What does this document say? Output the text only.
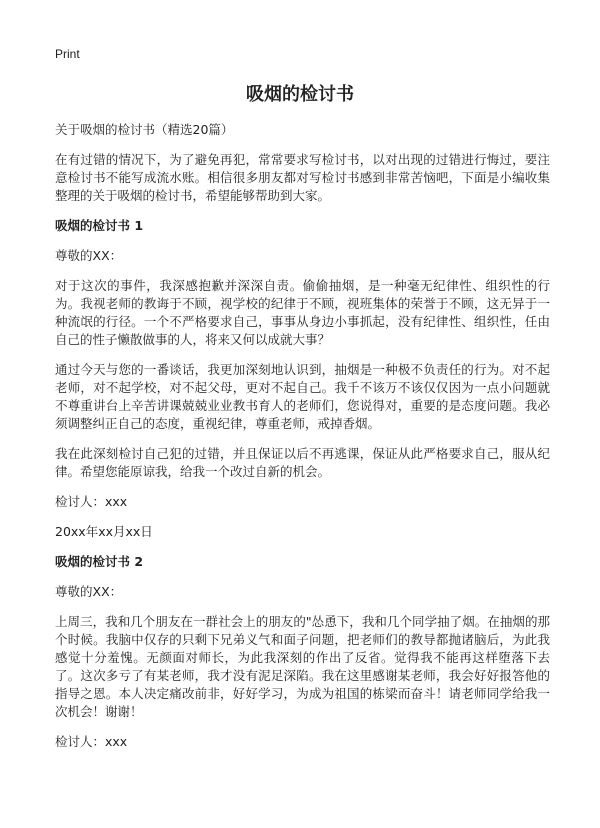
Print
吸烟的检讨书

关于吸烟的检讨书（精选20篇）

在有过错的情况下，为了避免再犯，常常要求写检讨书，以对出现的过错进行悔过，要注意检讨书不能写成流水账。相信很多朋友都对写检讨书感到非常苦恼吧，下面是小编收集整理的关于吸烟的检讨书，希望能够帮助到大家。

吸烟的检讨书 1

尊敬的XX：

对于这次的事件，我深感抱歉并深深自责。偷偷抽烟，是一种毫无纪律性、组织性的行为。我视老师的教诲于不顾，视学校的纪律于不顾，视班集体的荣誉于不顾，这无异于一种流氓的行径。一个不严格要求自己，事事从身边小事抓起，没有纪律性、组织性，任由自己的性子懒散做事的人，将来又何以成就大事？

通过今天与您的一番谈话，我更加深刻地认识到，抽烟是一种极不负责任的行为。对不起老师，对不起学校，对不起父母，更对不起自己。我千不该万不该仅仅因为一点小问题就不尊重讲台上辛苦讲课兢兢业业教书育人的老师们，您说得对，重要的是态度问题。我必须调整纠正自己的态度，重视纪律，尊重老师，戒掉香烟。

我在此深刻检讨自己犯的过错，并且保证以后不再逃课，保证从此严格要求自己，服从纪律。希望您能原谅我，给我一个改过自新的机会。

检讨人：xxx

20xx年xx月xx日

吸烟的检讨书 2

尊敬的XX：

上周三，我和几个朋友在一群社会上的朋友的"怂恿下，我和几个同学抽了烟。在抽烟的那个时候。我脑中仅存的只剩下兄弟义气和面子问题，把老师们的教导都抛诸脑后，为此我感觉十分羞愧。无颜面对师长，为此我深刻的作出了反省。觉得我不能再这样堕落下去了。这次多亏了有某老师，我才没有泥足深陷。我在这里感谢某老师，我会好好报答他的指导之恩。本人决定痛改前非，好好学习，为成为祖国的栋梁而奋斗！请老师同学给我一次机会！谢谢！

检讨人：xxx
